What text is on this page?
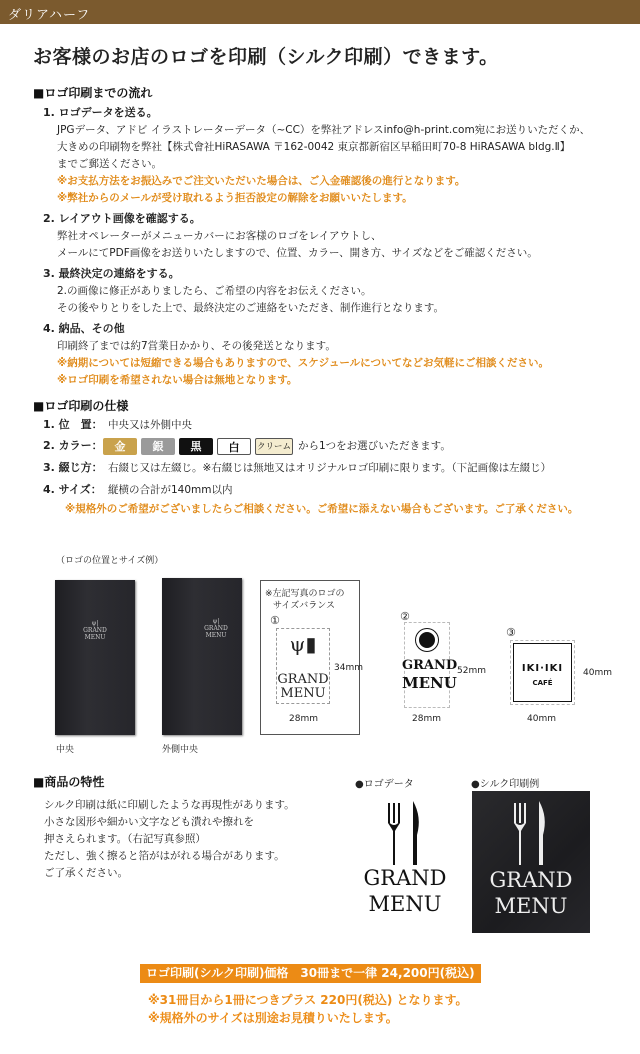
ダリアハーフ
お客様のお店のロゴを印刷（シルク印刷）できます。
■ロゴ印刷までの流れ
1. ロゴデータを送る。
JPGデータ、アドビ イラストレーターデータ（~CC）を弊社アドレスinfo@h-print.com宛にお送りいただくか、
大きめの印刷物を弊社【株式會社HiRASAWA 〒162-0042 東京都新宿区早稲田町70-8 HiRASAWA bldg.Ⅱ】
までご郵送ください。
※お支払方法をお振込みでご注文いただいた場合は、ご入金確認後の進行となります。
※弊社からのメールが受け取れるよう拒否設定の解除をお願いいたします。
2. レイアウト画像を確認する。
弊社オペレーターがメニューカバーにお客様のロゴをレイアウトし、
メールにてPDF画像をお送りいたしますので、位置、カラー、開き方、サイズなどをご確認ください。
3. 最終決定の連絡をする。
2.の画像に修正がありましたら、ご希望の内容をお伝えください。
その後やりとりをした上で、最終決定のご連絡をいただき、制作進行となります。
4. 納品、その他
印刷終了までは約7営業日かかり、その後発送となります。
※納期については短縮できる場合もありますので、スケジュールについてなどお気軽にご相談ください。
※ロゴ印刷を希望されない場合は無地となります。
■ロゴ印刷の仕様
1. 位　置： 中央又は外側中央
2. カラー：	金	銀	黒	白	クリーム から1つをお選びいただきます。
3. 綴じ方： 右綴じ又は左綴じ。※右綴じは無地又はオリジナルロゴ印刷に限ります。（下記画像は左綴じ）
4. サイズ： 縦横の合計が140mm以内
※規格外のご希望がございましたらご相談ください。ご希望に添えない場合もございます。ご了承ください。
（ロゴの位置とサイズ例）
ψ|
GRAND
MENU
中央
ψ|
GRAND
MENU
外側中央
※左記写真のロゴの
サイズバランス
①
ψ▮
GRAND
MENU
34mm
28mm
②
GRAND
MENU
52mm
28mm
③
IKI·IKI
CAFÉ
40mm
40mm
■商品の特性
シルク印刷は紙に印刷したような再現性があります。
小さな図形や細かい文字なども潰れや擦れを
押さえられます。（右記写真参照）
ただし、強く擦ると箔がはがれる場合があります。
ご了承ください。
●ロゴデータ	●シルク印刷例
GRAND
MENU
GRAND
MENU
ロゴ印刷(シルク印刷)価格　30冊まで一律 24,200円(税込)
※31冊目から1冊につきプラス 220円(税込) となります。
※規格外のサイズは別途お見積りいたします。
